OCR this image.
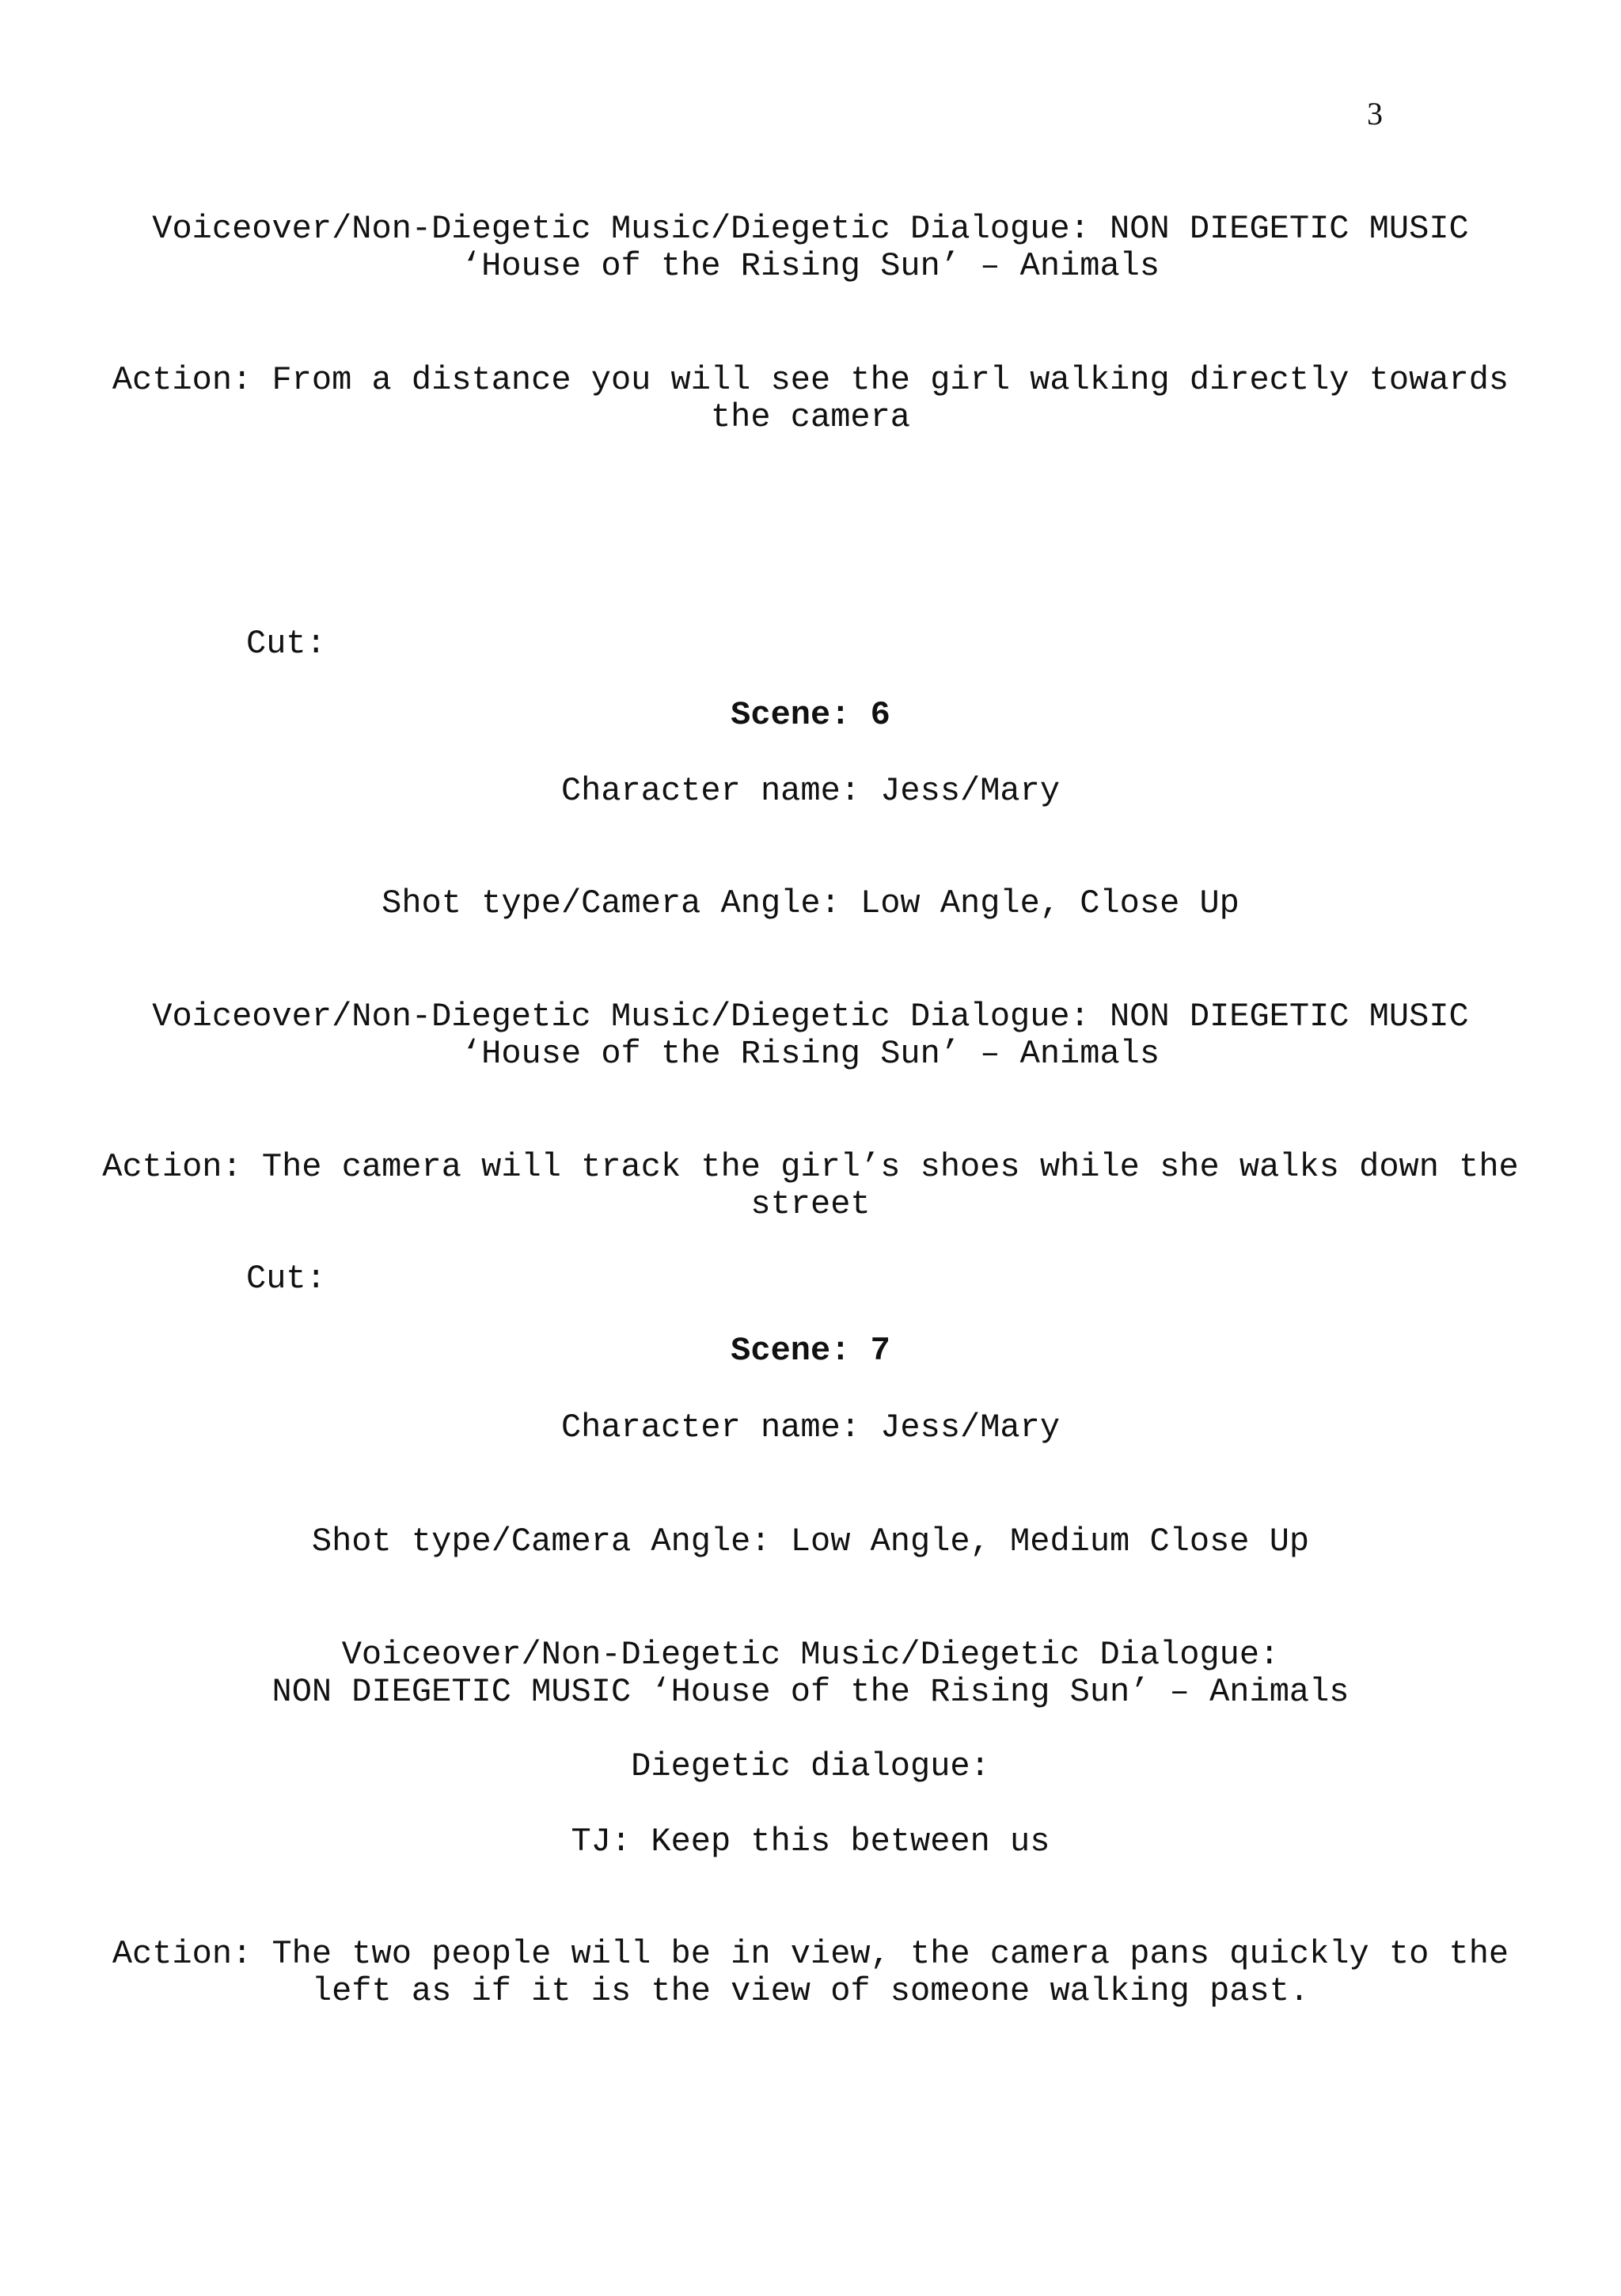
3

Voiceover/Non-Diegetic Music/Diegetic Dialogue: NON DIEGETIC MUSIC

‘House of the Rising Sun’ – Animals

Action: From a distance you will see the girl walking directly towards

the camera

Cut:

Scene: 6

Character name: Jess/Mary

Shot type/Camera Angle: Low Angle, Close Up

Voiceover/Non-Diegetic Music/Diegetic Dialogue: NON DIEGETIC MUSIC

‘House of the Rising Sun’ – Animals

Action: The camera will track the girl’s shoes while she walks down the

street

Cut:

Scene: 7

Character name: Jess/Mary

Shot type/Camera Angle: Low Angle, Medium Close Up

Voiceover/Non-Diegetic Music/Diegetic Dialogue:

NON DIEGETIC MUSIC ‘House of the Rising Sun’ – Animals

Diegetic dialogue:

TJ: Keep this between us

Action: The two people will be in view, the camera pans quickly to the

left as if it is the view of someone walking past.
